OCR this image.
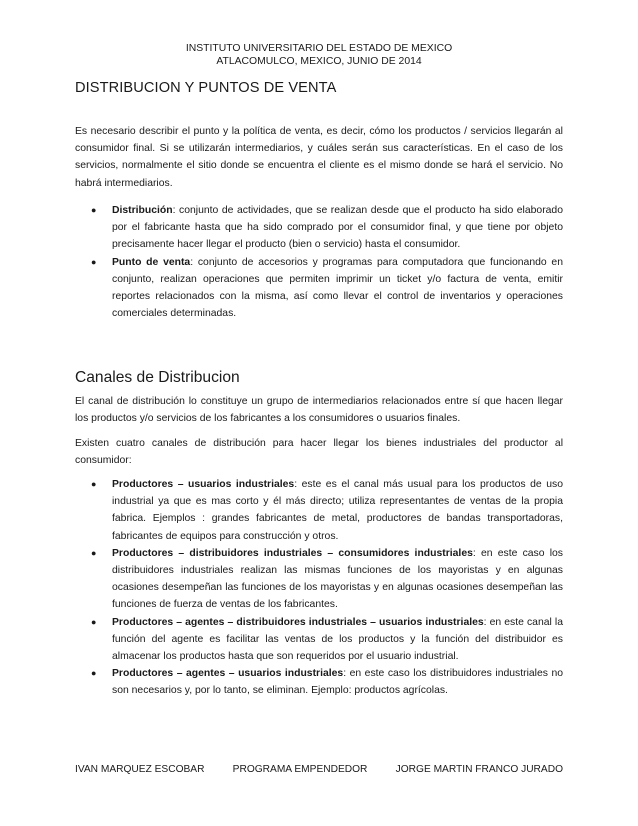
INSTITUTO UNIVERSITARIO DEL ESTADO DE MEXICO
ATLACOMULCO, MEXICO, JUNIO DE 2014
DISTRIBUCION Y PUNTOS DE VENTA

Es necesario describir el punto y la política de venta, es decir, cómo los productos / servicios llegarán al consumidor final. Si se utilizarán intermediarios, y cuáles serán sus características. En el caso de los servicios, normalmente el sitio donde se encuentra el cliente es el mismo donde se hará el servicio. No habrá intermediarios.

● Distribución: conjunto de actividades, que se realizan desde que el producto ha sido elaborado por el fabricante hasta que ha sido comprado por el consumidor final, y que tiene por objeto precisamente hacer llegar el producto (bien o servicio) hasta el consumidor.
● Punto de venta: conjunto de accesorios y programas para computadora que funcionando en conjunto, realizan operaciones que permiten imprimir un ticket y/o factura de venta, emitir reportes relacionados con la misma, así como llevar el control de inventarios y operaciones comerciales determinadas.
Canales de Distribucion

El canal de distribución lo constituye un grupo de intermediarios relacionados entre sí que hacen llegar los productos y/o servicios de los fabricantes a los consumidores o usuarios finales.

Existen cuatro canales de distribución para hacer llegar los bienes industriales del productor al consumidor:

● Productores – usuarios industriales: este es el canal más usual para los productos de uso industrial ya que es mas corto y él más directo; utiliza representantes de ventas de la propia fabrica. Ejemplos : grandes fabricantes de metal, productores de bandas transportadoras, fabricantes de equipos para construcción y otros.
● Productores – distribuidores industriales – consumidores industriales: en este caso los distribuidores industriales realizan las mismas funciones de los mayoristas y en algunas ocasiones desempeñan las funciones de los mayoristas y en algunas ocasiones desempeñan las funciones de fuerza de ventas de los fabricantes.
● Productores – agentes – distribuidores industriales – usuarios industriales: en este canal la función del agente es facilitar las ventas de los productos y la función del distribuidor es almacenar los productos hasta que son requeridos por el usuario industrial.
● Productores – agentes – usuarios industriales: en este caso los distribuidores industriales no son necesarios y, por lo tanto, se eliminan. Ejemplo: productos agrícolas.
IVAN MARQUEZ ESCOBAR	PROGRAMA EMPENDEDOR	JORGE MARTIN FRANCO JURADO
